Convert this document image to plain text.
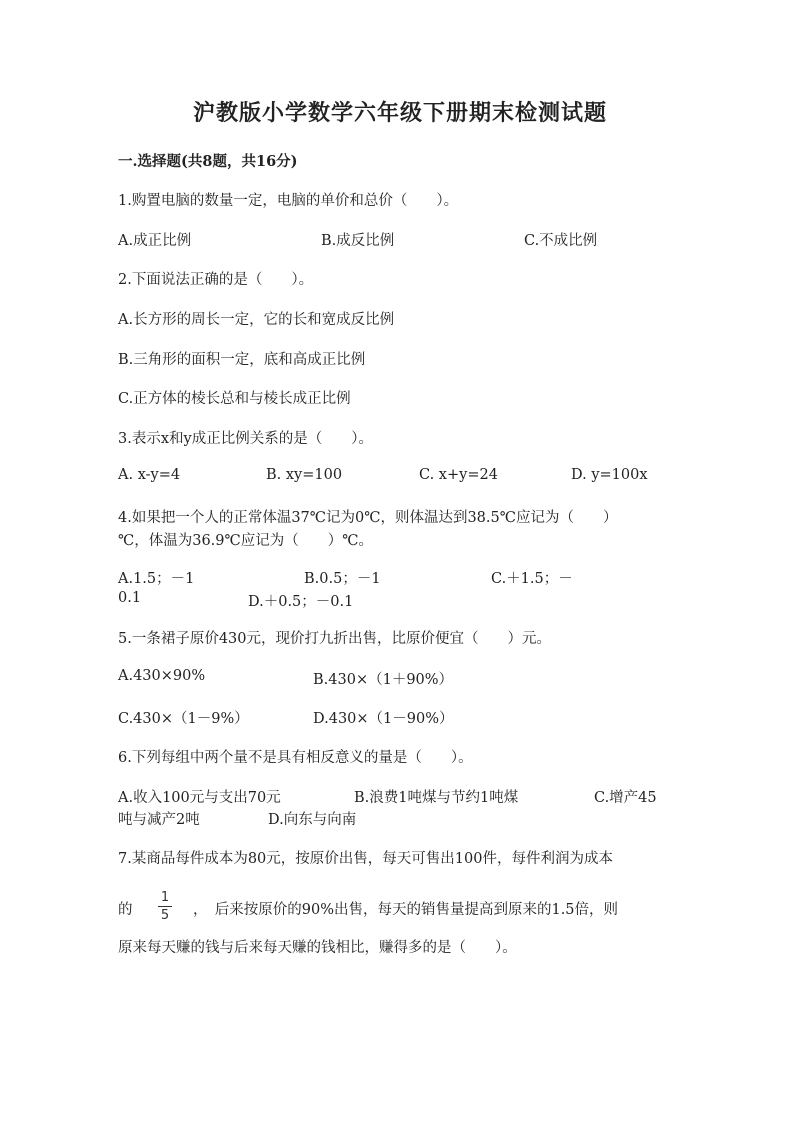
沪教版小学数学六年级下册期末检测试题
一.选择题(共8题，共16分)
1.购置电脑的数量一定，电脑的单价和总价（　　）。
A.成正比例	B.成反比例	C.不成比例
2.下面说法正确的是（　　）。
A.长方形的周长一定，它的长和宽成反比例
B.三角形的面积一定，底和高成正比例
C.正方体的棱长总和与棱长成正比例
3.表示x和y成正比例关系的是（　　）。
A. x-y=4	B. xy=100	C. x+y=24	D. y=100x
4.如果把一个人的正常体温37℃记为0℃，则体温达到38.5℃应记为（　　）
℃，体温为36.9℃应记为（　　）℃。
A.1.5；－1	B.0.5；－1	C.＋1.5；－
0.1	D.＋0.5；－0.1
5.一条裙子原价430元，现价打九折出售，比原价便宜（　　）元。
A.430×90%	B.430×（1＋90%）
C.430×（1－9%）	D.430×（1－90%）
6.下列每组中两个量不是具有相反意义的量是（　　）。
A.收入100元与支出70元	B.浪费1吨煤与节约1吨煤	C.增产45
吨与减产2吨	D.向东与向南
7.某商品每件成本为80元，按原价出售，每天可售出100件，每件利润为成本
的
1
5 ，　后来按原价的90%出售，每天的销售量提高到原来的1.5倍，则
原来每天赚的钱与后来每天赚的钱相比，赚得多的是（　　）。
